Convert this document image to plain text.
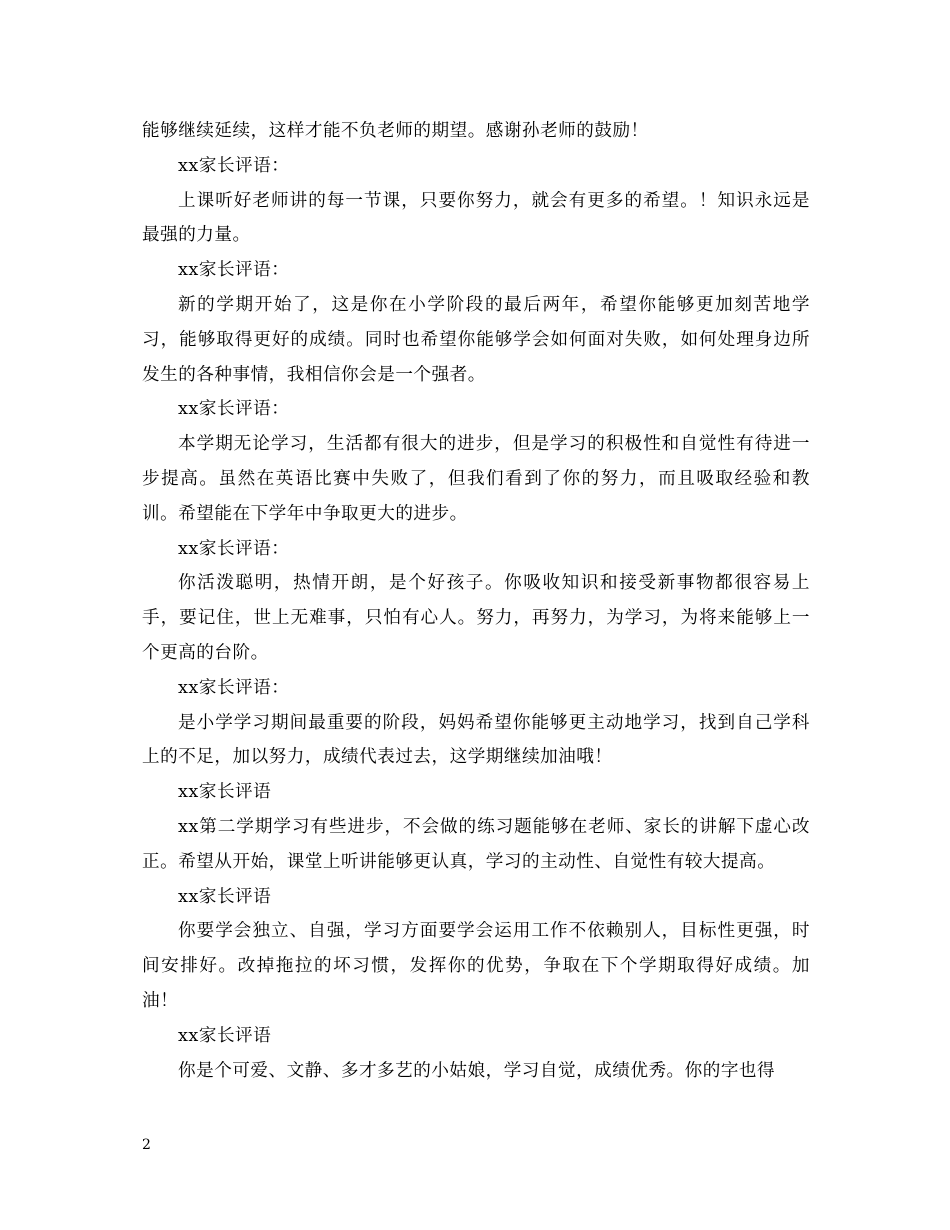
能够继续延续，这样才能不负老师的期望。感谢孙老师的鼓励！

xx家长评语：

上课听好老师讲的每一节课，只要你努力，就会有更多的希望。！知识永远是最强的力量。

xx家长评语：

新的学期开始了，这是你在小学阶段的最后两年，希望你能够更加刻苦地学习，能够取得更好的成绩。同时也希望你能够学会如何面对失败，如何处理身边所发生的各种事情，我相信你会是一个强者。

xx家长评语：

本学期无论学习，生活都有很大的进步，但是学习的积极性和自觉性有待进一步提高。虽然在英语比赛中失败了，但我们看到了你的努力，而且吸取经验和教训。希望能在下学年中争取更大的进步。

xx家长评语：

你活泼聪明，热情开朗，是个好孩子。你吸收知识和接受新事物都很容易上手，要记住，世上无难事，只怕有心人。努力，再努力，为学习，为将来能够上一个更高的台阶。

xx家长评语：

是小学学习期间最重要的阶段，妈妈希望你能够更主动地学习，找到自己学科上的不足，加以努力，成绩代表过去，这学期继续加油哦！

xx家长评语

xx第二学期学习有些进步，不会做的练习题能够在老师、家长的讲解下虚心改正。希望从开始，课堂上听讲能够更认真，学习的主动性、自觉性有较大提高。

xx家长评语

你要学会独立、自强，学习方面要学会运用工作不依赖别人，目标性更强，时间安排好。改掉拖拉的坏习惯，发挥你的优势，争取在下个学期取得好成绩。加油！

xx家长评语

你是个可爱、文静、多才多艺的小姑娘，学习自觉，成绩优秀。你的字也得

2
